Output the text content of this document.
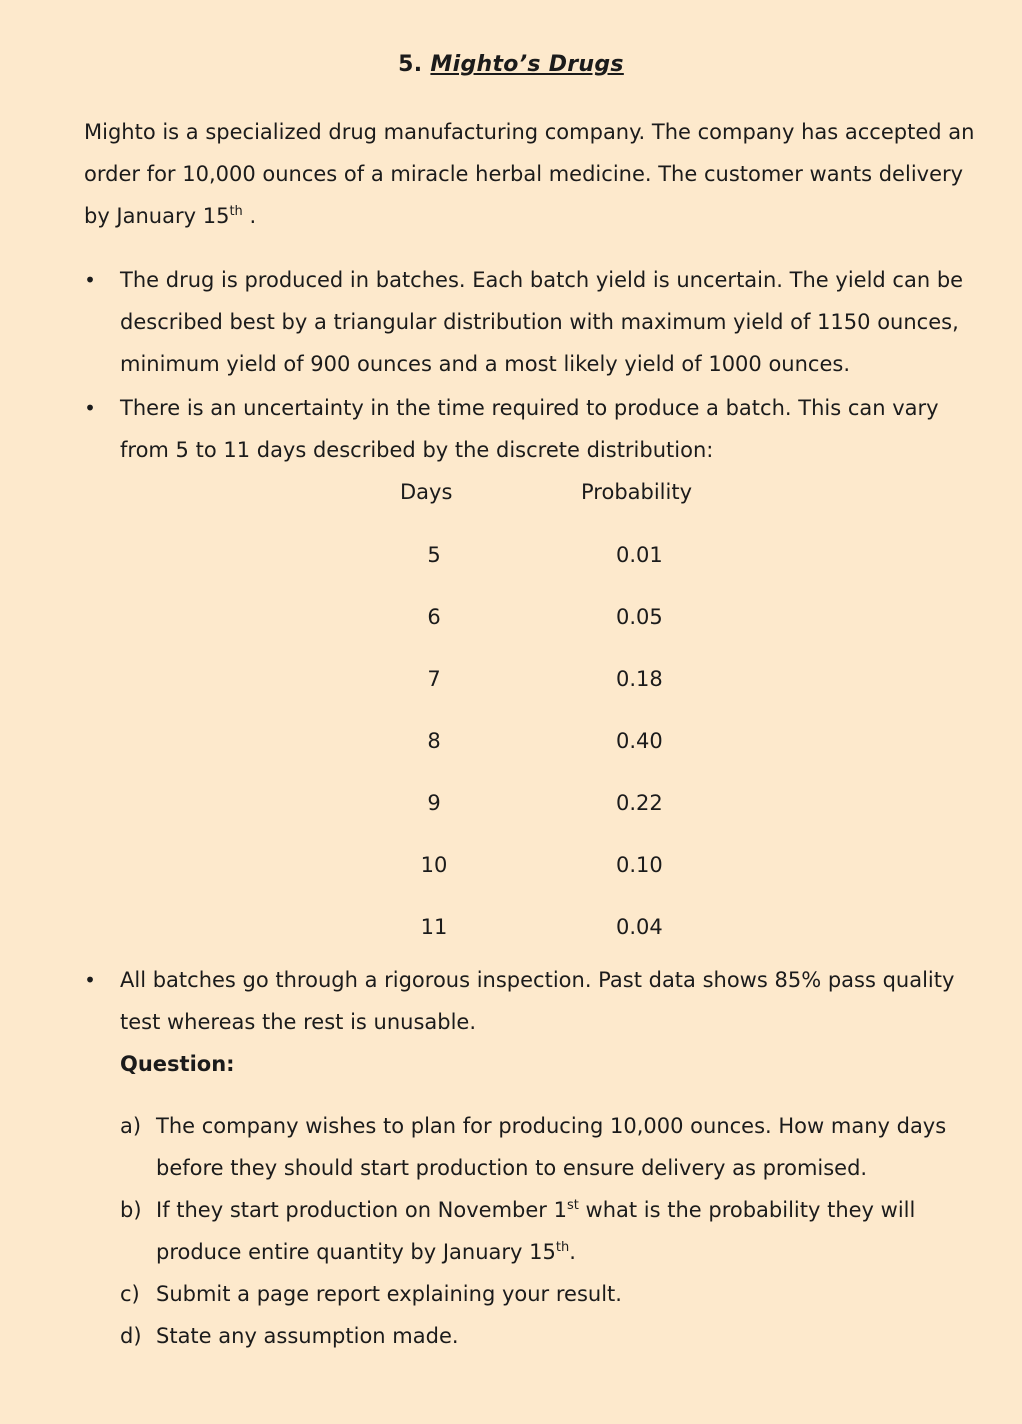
5. Mighto’s Drugs
Mighto is a specialized drug manufacturing company. The company has accepted an order for 10,000 ounces of a miracle herbal medicine. The customer wants delivery by January 15th .
• The drug is produced in batches. Each batch yield is uncertain. The yield can be described best by a triangular distribution with maximum yield of 1150 ounces, minimum yield of 900 ounces and a most likely yield of 1000 ounces.
• There is an uncertainty in the time required to produce a batch. This can vary from 5 to 11 days described by the discrete distribution:
Days	Probability
5	0.01
6	0.05
7	0.18
8	0.40
9	0.22
10	0.10
11	0.04
• All batches go through a rigorous inspection. Past data shows 85% pass quality test whereas the rest is unusable.
Question:
a) The company wishes to plan for producing 10,000 ounces. How many days before they should start production to ensure delivery as promised.
b) If they start production on November 1st what is the probability they will produce entire quantity by January 15th.
c) Submit a page report explaining your result.
d) State any assumption made.
